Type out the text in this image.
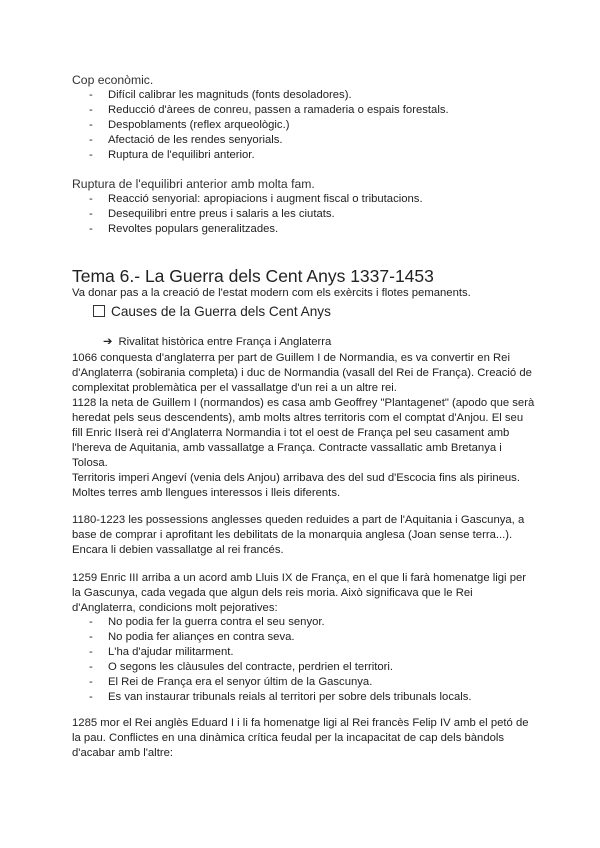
Cop econòmic.
- Difícil calibrar les magnituds (fonts desoladores).
- Reducció d'àrees de conreu, passen a ramaderia o espais forestals.
- Despoblaments (reflex arqueològic.)
- Afectació de les rendes senyorials.
- Ruptura de l'equilibri anterior.
Ruptura de l'equilibri anterior amb molta fam.
- Reacció senyorial: apropiacions i augment fiscal o tributacions.
- Desequilibri entre preus i salaris a les ciutats.
- Revoltes populars generalitzades.
Tema 6.- La Guerra dels Cent Anys 1337-1453
Va donar pas a la creació de l'estat modern com els exèrcits i flotes pemanents.
Causes de la Guerra dels Cent Anys
➔ Rivalitat històrica entre França i Anglaterra
1066 conquesta d'anglaterra per part de Guillem I de Normandia, es va convertir en Rei
d'Anglaterra (sobirania completa) i duc de Normandia (vasall del Rei de França). Creació de
complexitat problemàtica per el vassallatge d'un rei a un altre rei.
1128 la neta de Guillem I (normandos) es casa amb Geoffrey "Plantagenet" (apodo que serà
heredat pels seus descendents), amb molts altres territoris com el comptat d'Anjou. El seu
fill Enric IIserà rei d'Anglaterra Normandia i tot el oest de França pel seu casament amb
l'hereva de Aquitania, amb vassallatge a França. Contracte vassallatic amb Bretanya i
Tolosa.
Territoris imperi Angeví (venia dels Anjou) arribava des del sud d'Escocia fins als pirineus.
Moltes terres amb llengues interessos i lleis diferents.
1180-1223 les possessions anglesses queden reduides a part de l'Aquitania i Gascunya, a
base de comprar i aprofitant les debilitats de la monarquia anglesa (Joan sense terra...).
Encara li debien vassallatge al rei francés.
1259 Enric III arriba a un acord amb Lluis IX de França, en el que li farà homenatge ligi per
la Gascunya, cada vegada que algun dels reis moria. Això significava que le Rei
d'Anglaterra, condicions molt pejoratives:
- No podia fer la guerra contra el seu senyor.
- No podia fer aliançes en contra seva.
- L'ha d'ajudar militarment.
- O segons les clàusules del contracte, perdrien el territori.
- El Rei de França era el senyor últim de la Gascunya.
- Es van instaurar tribunals reials al territori per sobre dels tribunals locals.
1285 mor el Rei anglès Eduard I i li fa homenatge ligi al Rei francès Felip IV amb el petó de
la pau. Conflictes en una dinàmica crítica feudal per la incapacitat de cap dels bàndols
d'acabar amb l'altre:
